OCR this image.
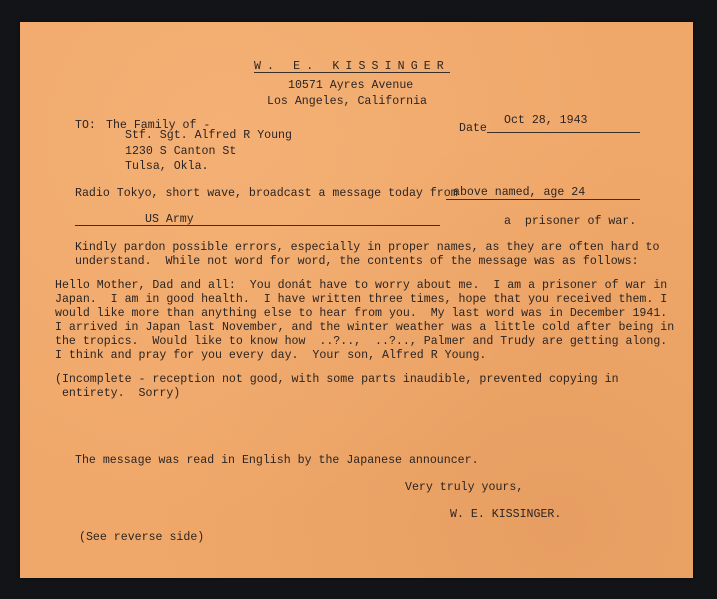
W. E. KISSINGER
10571 Ayres Avenue
Los Angeles, California
TO: The Family of -
Stf. Sgt. Alfred R Young
1230 S Canton St
Tulsa, Okla.
Date
Oct 28, 1943
Radio Tokyo, short wave, broadcast a message today from
above named, age 24
US Army	a  prisoner of war.
Kindly pardon possible errors, especially in proper names, as they are often hard to
understand.  While not word for word, the contents of the message was as follows:
Hello Mother, Dad and all:  You donát have to worry about me.  I am a prisoner of war in
Japan.  I am in good health.  I have written three times, hope that you received them. I
would like more than anything else to hear from you.  My last word was in December 1941.
I arrived in Japan last November, and the winter weather was a little cold after being in
the tropics.  Would like to know how  ..?..,  ..?.., Palmer and Trudy are getting along.
I think and pray for you every day.  Your son, Alfred R Young.
(Incomplete - reception not good, with some parts inaudible, prevented copying in
entirety.  Sorry)
The message was read in English by the Japanese announcer.
Very truly yours,
W. E. KISSINGER.
(See reverse side)
